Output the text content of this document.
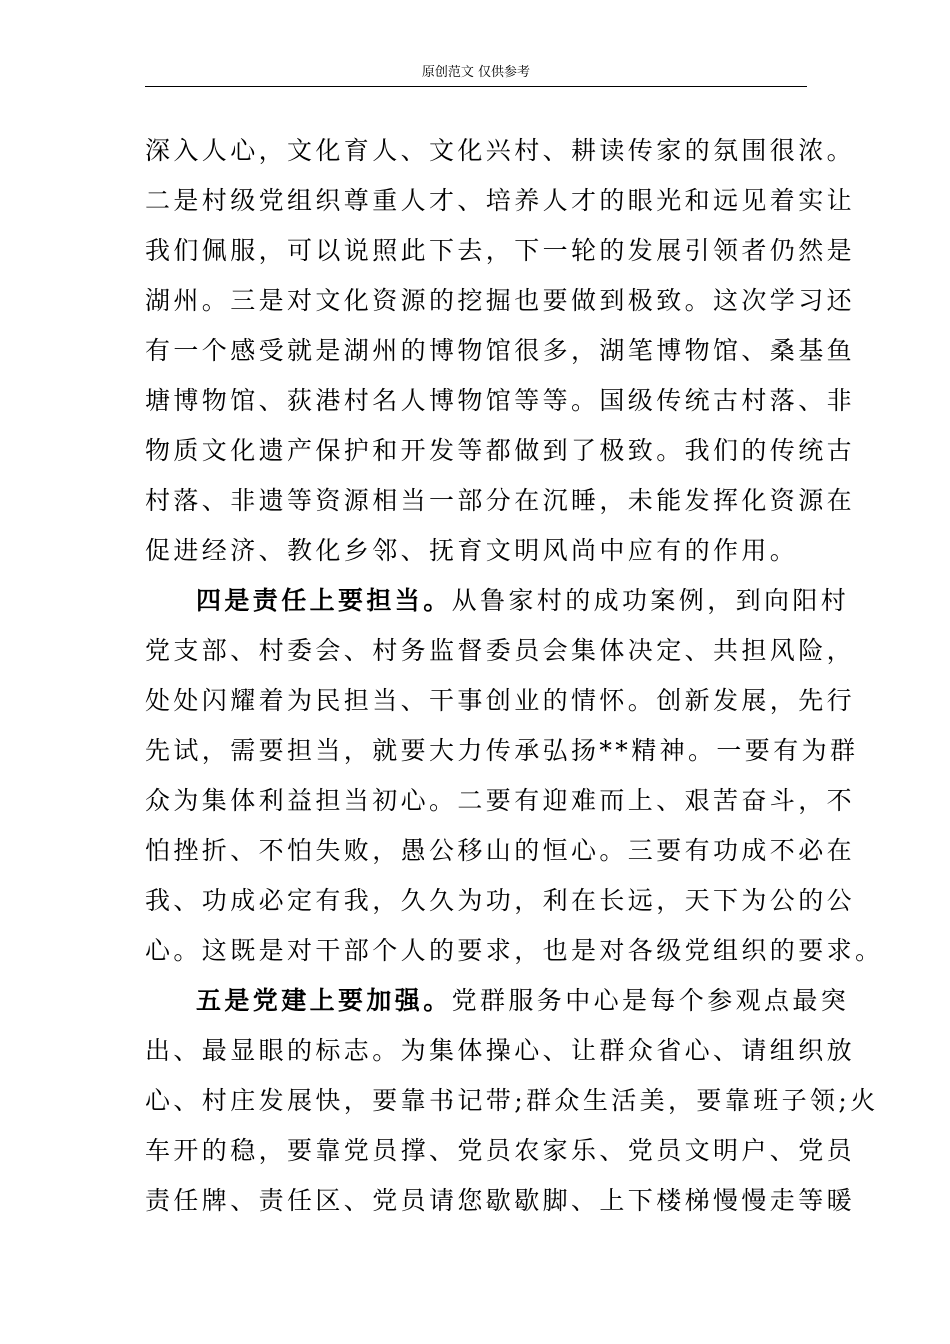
原创范文 仅供参考
深入人心，文化育人、文化兴村、耕读传家的氛围很浓。
二是村级党组织尊重人才、培养人才的眼光和远见着实让
我们佩服，可以说照此下去，下一轮的发展引领者仍然是
湖州。三是对文化资源的挖掘也要做到极致。这次学习还
有一个感受就是湖州的博物馆很多，湖笔博物馆、桑基鱼
塘博物馆、荻港村名人博物馆等等。国级传统古村落、非
物质文化遗产保护和开发等都做到了极致。我们的传统古
村落、非遗等资源相当一部分在沉睡，未能发挥化资源在
促进经济、教化乡邻、抚育文明风尚中应有的作用。
四是责任上要担当。从鲁家村的成功案例，到向阳村
党支部、村委会、村务监督委员会集体决定、共担风险，
处处闪耀着为民担当、干事创业的情怀。创新发展，先行
先试，需要担当，就要大力传承弘扬**精神。一要有为群
众为集体利益担当初心。二要有迎难而上、艰苦奋斗，不
怕挫折、不怕失败，愚公移山的恒心。三要有功成不必在
我、功成必定有我，久久为功，利在长远，天下为公的公
心。这既是对干部个人的要求，也是对各级党组织的要求。
五是党建上要加强。党群服务中心是每个参观点最突
出、最显眼的标志。为集体操心、让群众省心、请组织放
心、村庄发展快，要靠书记带;群众生活美，要靠班子领;火
车开的稳，要靠党员撑、党员农家乐、党员文明户、党员
责任牌、责任区、党员请您歇歇脚、上下楼梯慢慢走等暖
